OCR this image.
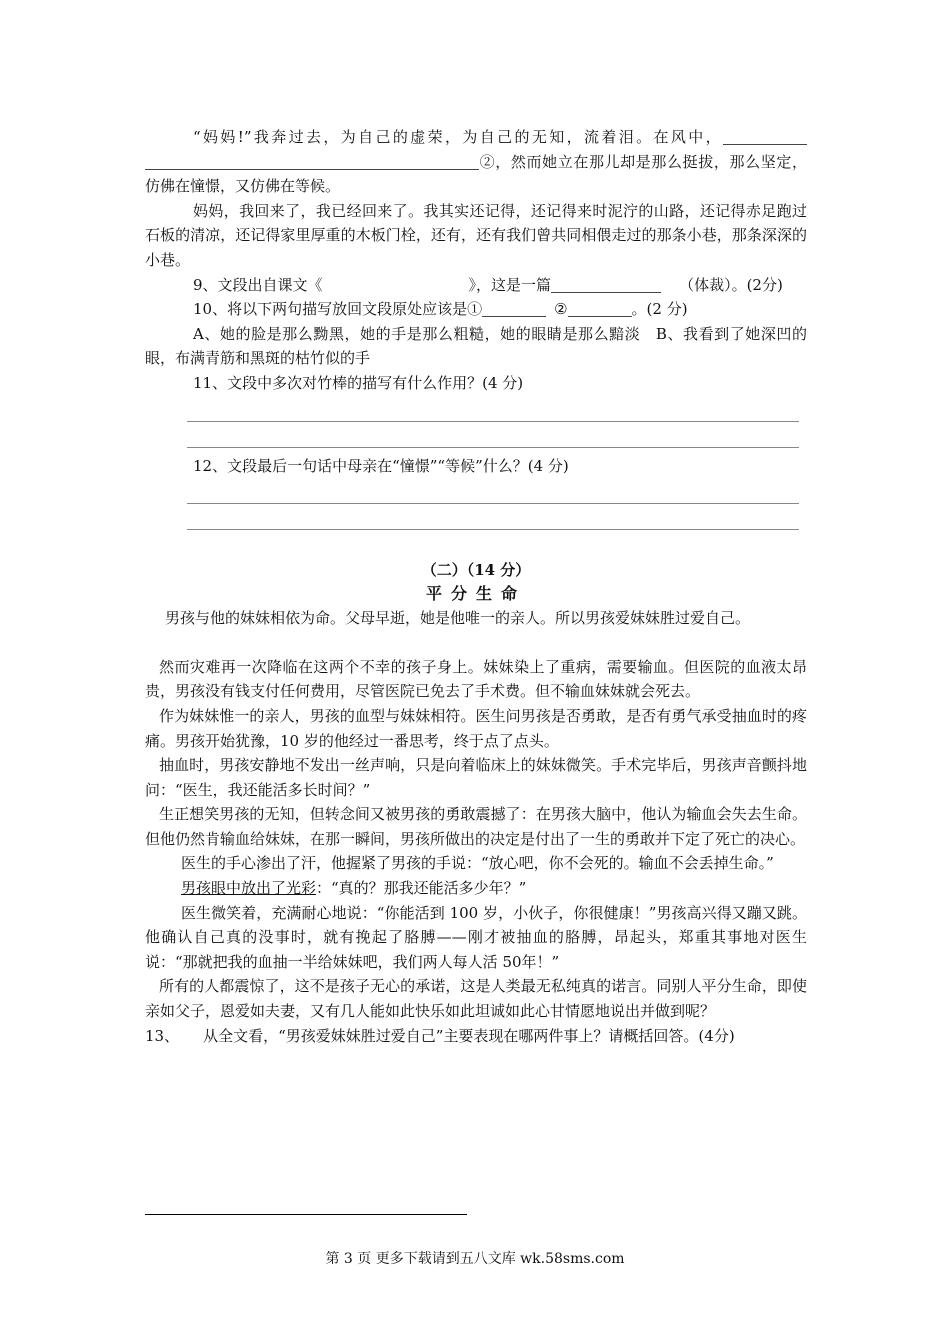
“妈妈!”我奔过去，为自己的虚荣，为自己的无知，流着泪。在风中，②，然而她立在那儿却是那么挺拔，那么坚定，仿佛在憧憬，又仿佛在等候。

妈妈，我回来了，我已经回来了。我其实还记得，还记得来时泥泞的山路，还记得赤足跑过石板的清凉，还记得家里厚重的木板门栓，还有，还有我们曾共同相偎走过的那条小巷，那条深深的小巷。

9、文段出自课文《	》，这是一篇	（体裁）。(2分)

10、将以下两句描写放回文段原处应该是①	②	。(2 分)

A、她的脸是那么黝黑，她的手是那么粗糙，她的眼睛是那么黯淡　B、我看到了她深凹的眼，布满青筋和黑斑的枯竹似的手

11、文段中多次对竹棒的描写有什么作用？(4 分)

12、文段最后一句话中母亲在“憧憬”“等候”什么？(4 分)

（二）（14 分）
平分生命

男孩与他的妹妹相依为命。父母早逝，她是他唯一的亲人。所以男孩爱妹妹胜过爱自己。

然而灾难再一次降临在这两个不幸的孩子身上。妹妹染上了重病，需要输血。但医院的血液太昂贵，男孩没有钱支付任何费用，尽管医院已免去了手术费。但不输血妹妹就会死去。

作为妹妹惟一的亲人，男孩的血型与妹妹相符。医生问男孩是否勇敢，是否有勇气承受抽血时的疼痛。男孩开始犹豫，10 岁的他经过一番思考，终于点了点头。

抽血时，男孩安静地不发出一丝声响，只是向着临床上的妹妹微笑。手术完毕后，男孩声音颤抖地问：“医生，我还能活多长时间？”

生正想笑男孩的无知，但转念间又被男孩的勇敢震撼了：在男孩大脑中，他认为输血会失去生命。但他仍然肯输血给妹妹，在那一瞬间，男孩所做出的决定是付出了一生的勇敢并下定了死亡的决心。

医生的手心渗出了汗，他握紧了男孩的手说：“放心吧，你不会死的。输血不会丢掉生命。”

男孩眼中放出了光彩：“真的？那我还能活多少年？”

医生微笑着，充满耐心地说：“你能活到 100 岁，小伙子，你很健康！”男孩高兴得又蹦又跳。他确认自己真的没事时，就有挽起了胳膊——刚才被抽血的胳膊，昂起头，郑重其事地对医生说：“那就把我的血抽一半给妹妹吧，我们两人每人活 50年！”

所有的人都震惊了，这不是孩子无心的承诺，这是人类最无私纯真的诺言。同别人平分生命，即使亲如父子，恩爱如夫妻，又有几人能如此快乐如此坦诚如此心甘情愿地说出并做到呢？

13、 从全文看，“男孩爱妹妹胜过爱自己”主要表现在哪两件事上？请概括回答。(4分)

第 3 页 更多下载请到五八文库 wk.58sms.com
